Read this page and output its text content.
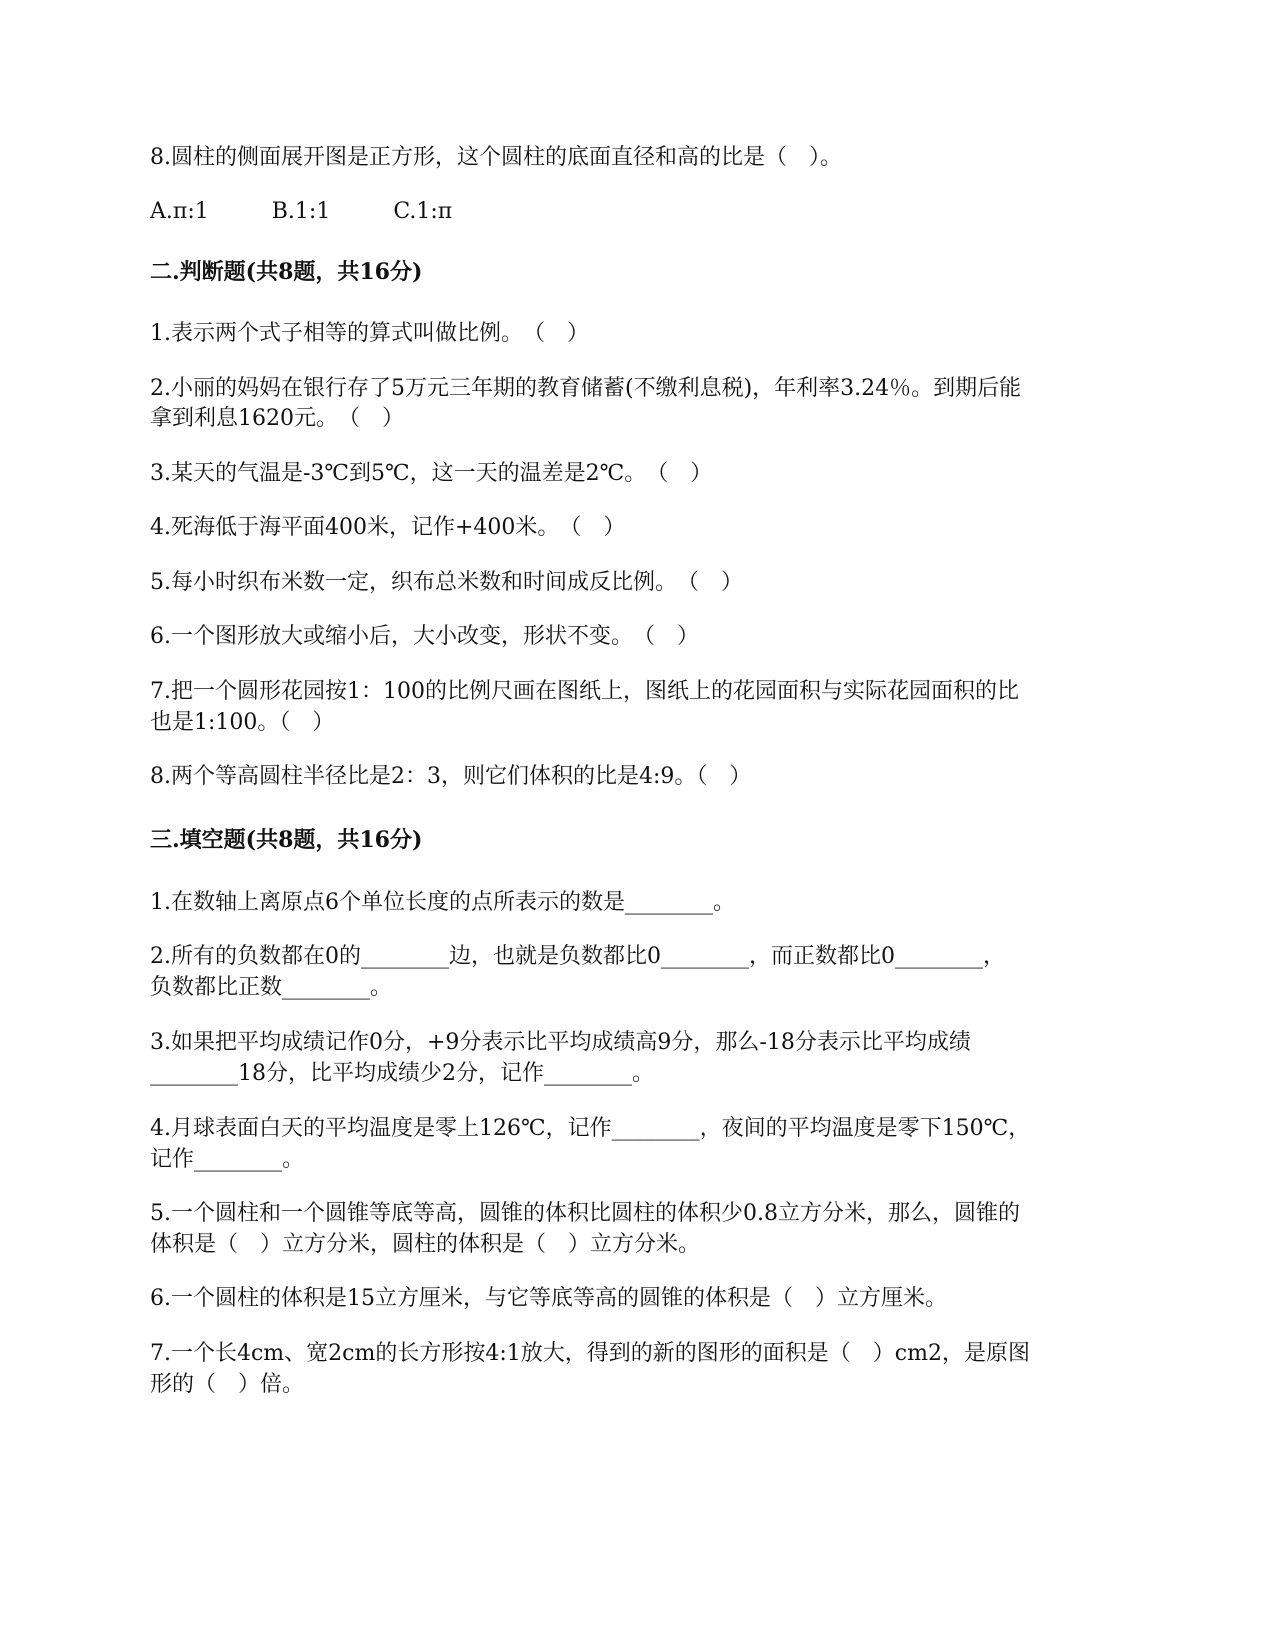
8.圆柱的侧面展开图是正方形，这个圆柱的底面直径和高的比是（　）。
A.π:1	B.1:1	C.1:π
二.判断题(共8题，共16分)
1.表示两个式子相等的算式叫做比例。　（　）
2.小丽的妈妈在银行存了5万元三年期的教育储蓄(不缴利息税)，年利率3.24％。到期后能
拿到利息1620元。　（　）
3.某天的气温是-3℃到5℃，这一天的温差是2℃。　（　）
4.死海低于海平面400米，记作+400米。　（　）
5.每小时织布米数一定，织布总米数和时间成反比例。　（　）
6.一个图形放大或缩小后，大小改变，形状不变。　（　）
7.把一个圆形花园按1：100的比例尺画在图纸上，图纸上的花园面积与实际花园面积的比
也是1:100。（　）
8.两个等高圆柱半径比是2：3，则它们体积的比是4:9。（　）
三.填空题(共8题，共16分)
1.在数轴上离原点6个单位长度的点所表示的数是________。
2.所有的负数都在0的________边，也就是负数都比0________，而正数都比0________，
负数都比正数________。
3.如果把平均成绩记作0分，+9分表示比平均成绩高9分，那么-18分表示比平均成绩
________18分，比平均成绩少2分，记作________。
4.月球表面白天的平均温度是零上126℃，记作________，夜间的平均温度是零下150℃，
记作________。
5.一个圆柱和一个圆锥等底等高，圆锥的体积比圆柱的体积少0.8立方分米，那么，圆锥的
体积是（　）立方分米，圆柱的体积是（　）立方分米。
6.一个圆柱的体积是15立方厘米，与它等底等高的圆锥的体积是（　）立方厘米。
7.一个长4cm、宽2cm的长方形按4:1放大，得到的新的图形的面积是（　）cm2，是原图
形的（　）倍。
